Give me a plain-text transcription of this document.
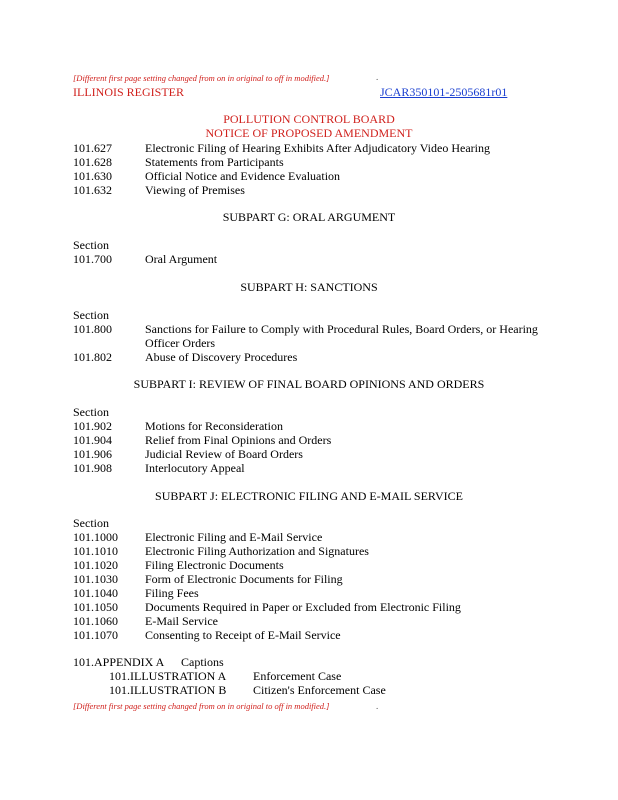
[Different first page setting changed from on in original to off in modified.]	.
ILLINOIS REGISTER	JCAR350101-2505681r01
POLLUTION CONTROL BOARD
NOTICE OF PROPOSED AMENDMENT
101.627	Electronic Filing of Hearing Exhibits After Adjudicatory Video Hearing
101.628	Statements from Participants
101.630	Official Notice and Evidence Evaluation
101.632	Viewing of Premises
SUBPART G: ORAL ARGUMENT
Section
101.700	Oral Argument
SUBPART H: SANCTIONS
Section
101.800	Sanctions for Failure to Comply with Procedural Rules, Board Orders, or Hearing
Officer Orders
101.802	Abuse of Discovery Procedures
SUBPART I: REVIEW OF FINAL BOARD OPINIONS AND ORDERS
Section
101.902	Motions for Reconsideration
101.904	Relief from Final Opinions and Orders
101.906	Judicial Review of Board Orders
101.908	Interlocutory Appeal
SUBPART J: ELECTRONIC FILING AND E-MAIL SERVICE
Section
101.1000 Electronic Filing and E-Mail Service
101.1010 Electronic Filing Authorization and Signatures
101.1020 Filing Electronic Documents
101.1030 Form of Electronic Documents for Filing
101.1040 Filing Fees
101.1050 Documents Required in Paper or Excluded from Electronic Filing
101.1060 E-Mail Service
101.1070 Consenting to Receipt of E-Mail Service
101.APPENDIX A Captions
101.ILLUSTRATION A Enforcement Case
101.ILLUSTRATION B Citizen's Enforcement Case
[Different first page setting changed from on in original to off in modified.]	.
